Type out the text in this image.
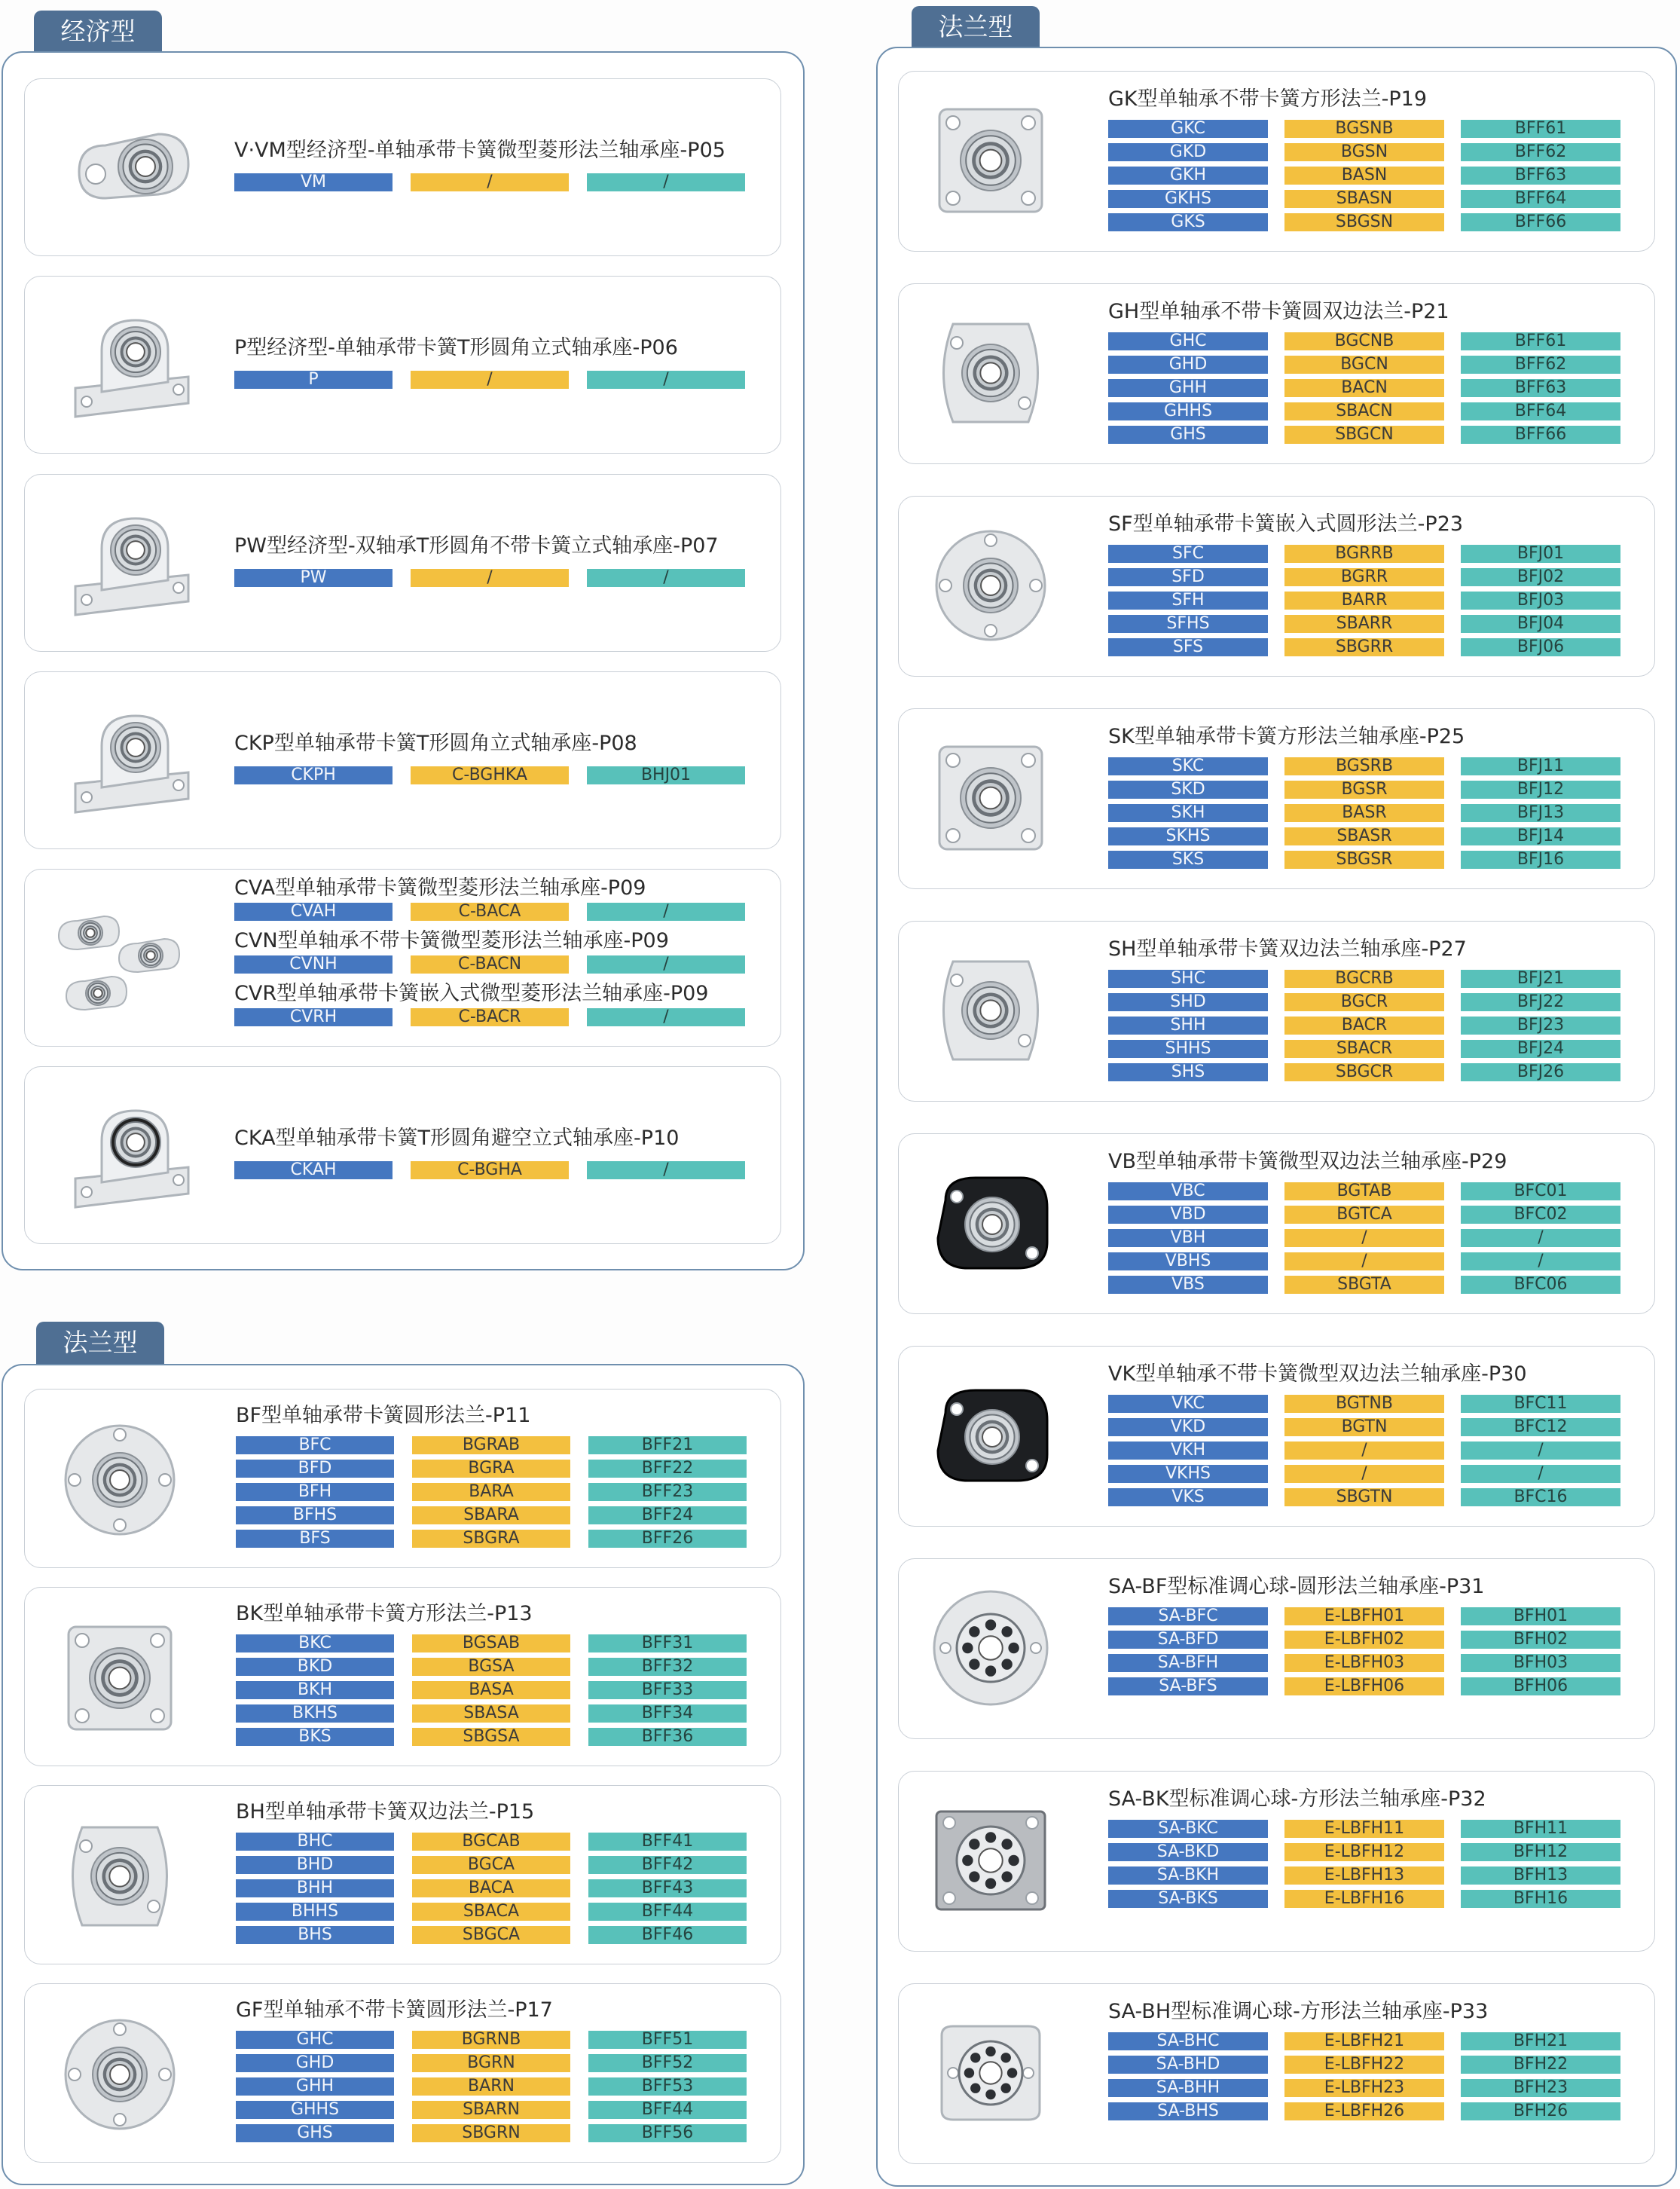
经济型
V·VM型经济型-单轴承带卡簧微型菱形法兰轴承座-P05
VM	/	/
P型经济型-单轴承带卡簧T形圆角立式轴承座-P06
P	/	/
PW型经济型-双轴承T形圆角不带卡簧立式轴承座-P07
PW	/	/
CKP型单轴承带卡簧T形圆角立式轴承座-P08
CKPH	C-BGHKA	BHJ01
CKA型单轴承带卡簧T形圆角避空立式轴承座-P10
CKAH	C-BGHA	/
CVA型单轴承带卡簧微型菱形法兰轴承座-P09
CVAH	C-BACA	/
CVN型单轴承不带卡簧微型菱形法兰轴承座-P09
CVNH	C-BACN	/
CVR型单轴承带卡簧嵌入式微型菱形法兰轴承座-P09
CVRH	C-BACR	/
法兰型
BF型单轴承带卡簧圆形法兰-P11
BFC	BGRAB	BFF21
BFD	BGRA	BFF22
BFH	BARA	BFF23
BFHS	SBARA	BFF24
BFS	SBGRA	BFF26
BK型单轴承带卡簧方形法兰-P13
BKC	BGSAB	BFF31
BKD	BGSA	BFF32
BKH	BASA	BFF33
BKHS	SBASA	BFF34
BKS	SBGSA	BFF36
BH型单轴承带卡簧双边法兰-P15
BHC	BGCAB	BFF41
BHD	BGCA	BFF42
BHH	BACA	BFF43
BHHS	SBACA	BFF44
BHS	SBGCA	BFF46
GF型单轴承不带卡簧圆形法兰-P17
GHC	BGRNB	BFF51
GHD	BGRN	BFF52
GHH	BARN	BFF53
GHHS	SBARN	BFF44
GHS	SBGRN	BFF56
法兰型
GK型单轴承不带卡簧方形法兰-P19
GKC	BGSNB	BFF61
GKD	BGSN	BFF62
GKH	BASN	BFF63
GKHS	SBASN	BFF64
GKS	SBGSN	BFF66
GH型单轴承不带卡簧圆双边法兰-P21
GHC	BGCNB	BFF61
GHD	BGCN	BFF62
GHH	BACN	BFF63
GHHS	SBACN	BFF64
GHS	SBGCN	BFF66
SF型单轴承带卡簧嵌入式圆形法兰-P23
SFC	BGRRB	BFJ01
SFD	BGRR	BFJ02
SFH	BARR	BFJ03
SFHS	SBARR	BFJ04
SFS	SBGRR	BFJ06
SK型单轴承带卡簧方形法兰轴承座-P25
SKC	BGSRB	BFJ11
SKD	BGSR	BFJ12
SKH	BASR	BFJ13
SKHS	SBASR	BFJ14
SKS	SBGSR	BFJ16
SH型单轴承带卡簧双边法兰轴承座-P27
SHC	BGCRB	BFJ21
SHD	BGCR	BFJ22
SHH	BACR	BFJ23
SHHS	SBACR	BFJ24
SHS	SBGCR	BFJ26
VB型单轴承带卡簧微型双边法兰轴承座-P29
VBC	BGTAB	BFC01
VBD	BGTCA	BFC02
VBH	/	/
VBHS	/	/
VBS	SBGTA	BFC06
VK型单轴承不带卡簧微型双边法兰轴承座-P30
VKC	BGTNB	BFC11
VKD	BGTN	BFC12
VKH	/	/
VKHS	/	/
VKS	SBGTN	BFC16
SA-BF型标准调心球-圆形法兰轴承座-P31
SA-BFC	E-LBFH01	BFH01
SA-BFD	E-LBFH02	BFH02
SA-BFH	E-LBFH03	BFH03
SA-BFS	E-LBFH06	BFH06
SA-BK型标准调心球-方形法兰轴承座-P32
SA-BKC	E-LBFH11	BFH11
SA-BKD	E-LBFH12	BFH12
SA-BKH	E-LBFH13	BFH13
SA-BKS	E-LBFH16	BFH16
SA-BH型标准调心球-方形法兰轴承座-P33
SA-BHC	E-LBFH21	BFH21
SA-BHD	E-LBFH22	BFH22
SA-BHH	E-LBFH23	BFH23
SA-BHS	E-LBFH26	BFH26
